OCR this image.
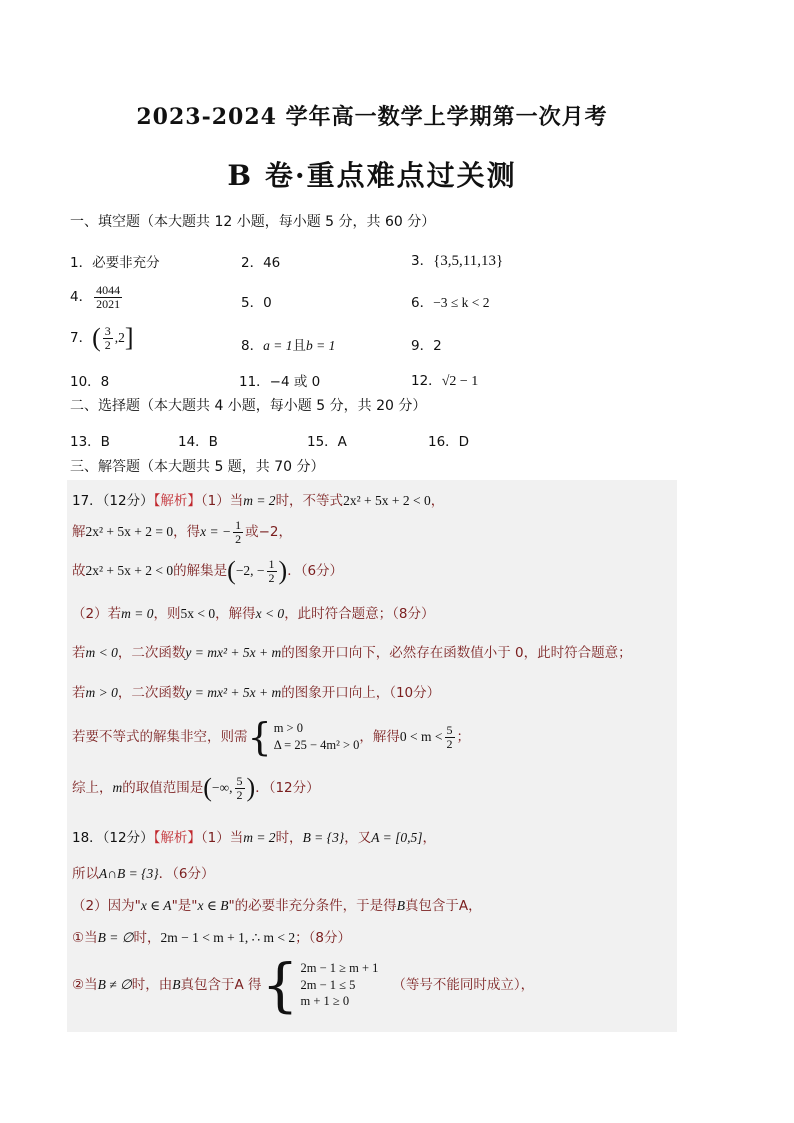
2023-2024 学年高一数学上学期第一次月考
B 卷·重点难点过关测
一、填空题（本大题共 12 小题，每小题 5 分，共 60 分）
1．必要非充分	2．46	3．{3,5,11,13}
4． $\frac{4044}{2021}$	5．0	6．−3 ≤ k < 2
7．( $\frac{3}{2} ,2$]	8．a = 1且b = 1	9．2
10．8	11．−4 或 0	12．√2 − 1
二、选择题（本大题共 4 小题，每小题 5 分，共 20 分）
13．B	14．B	15．A	16．D
三、解答题（本大题共 5 题，共 70 分）
17．（12分）【解析】（1）当m = 2时，不等式2x² + 5x + 2 < 0，
解2x² + 5x + 2 = 0，得x = − $\frac{1}{2}$ 或−2，
故2x² + 5x + 2 < 0的解集是(−2, − $\frac{1}{2}$ )．（6分）
（2）若m = 0，则5x < 0，解得x < 0，此时符合题意；（8分）
若m < 0，二次函数y = mx² + 5x + m的图象开口向下，必然存在函数值小于 0，此时符合题意；
若m > 0，二次函数y = mx² + 5x + m的图象开口向上，（10分）
若要不等式的解集非空，则需 { m > 0
Δ = 25 − 4m² > 0 ，解得$0 < m < \frac{5}{2}$ ；
综上，m的取值范围是(−∞, $\frac{5}{2}$ )．（12分）
18．（12分）【解析】（1）当m = 2时，B = {3}，又A = [0,5]，
所以A∩B = {3}．（6分）
（2）因为"x ∈ A"是"x ∈ B"的必要非充分条件，于是得B真包含于A，
①当B = ∅时，2m − 1 < m + 1, ∴ m < 2；（8分）
②当B ≠ ∅时，由B真包含于A 得 { 2m − 1 ≥ m + 1
2m − 1 ≤ 5
m + 1 ≥ 0
（等号不能同时成立），
